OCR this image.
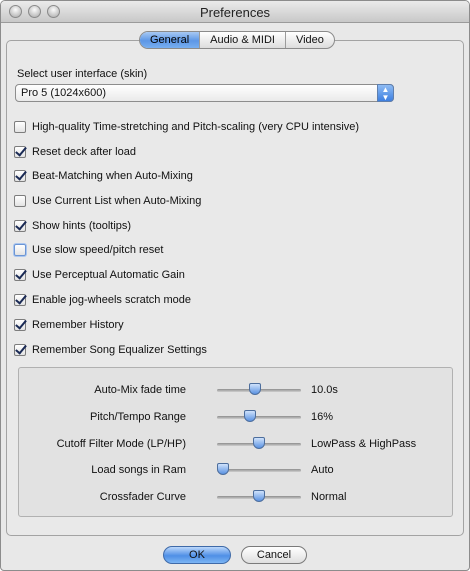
Preferences
General	Audio & MIDI	Video
Select user interface (skin)
Pro 5 (1024x600)	▲
▼
High-quality Time-stretching and Pitch-scaling (very CPU intensive)
Reset deck after load
Beat-Matching when Auto-Mixing
Use Current List when Auto-Mixing
Show hints (tooltips)
Use slow speed/pitch reset
Use Perceptual Automatic Gain
Enable jog-wheels scratch mode
Remember History
Remember Song Equalizer Settings
Auto-Mix fade time	10.0s
Pitch/Tempo Range	16%
Cutoff Filter Mode (LP/HP)	LowPass & HighPass
Load songs in Ram	Auto
Crossfader Curve	Normal
OK	Cancel
